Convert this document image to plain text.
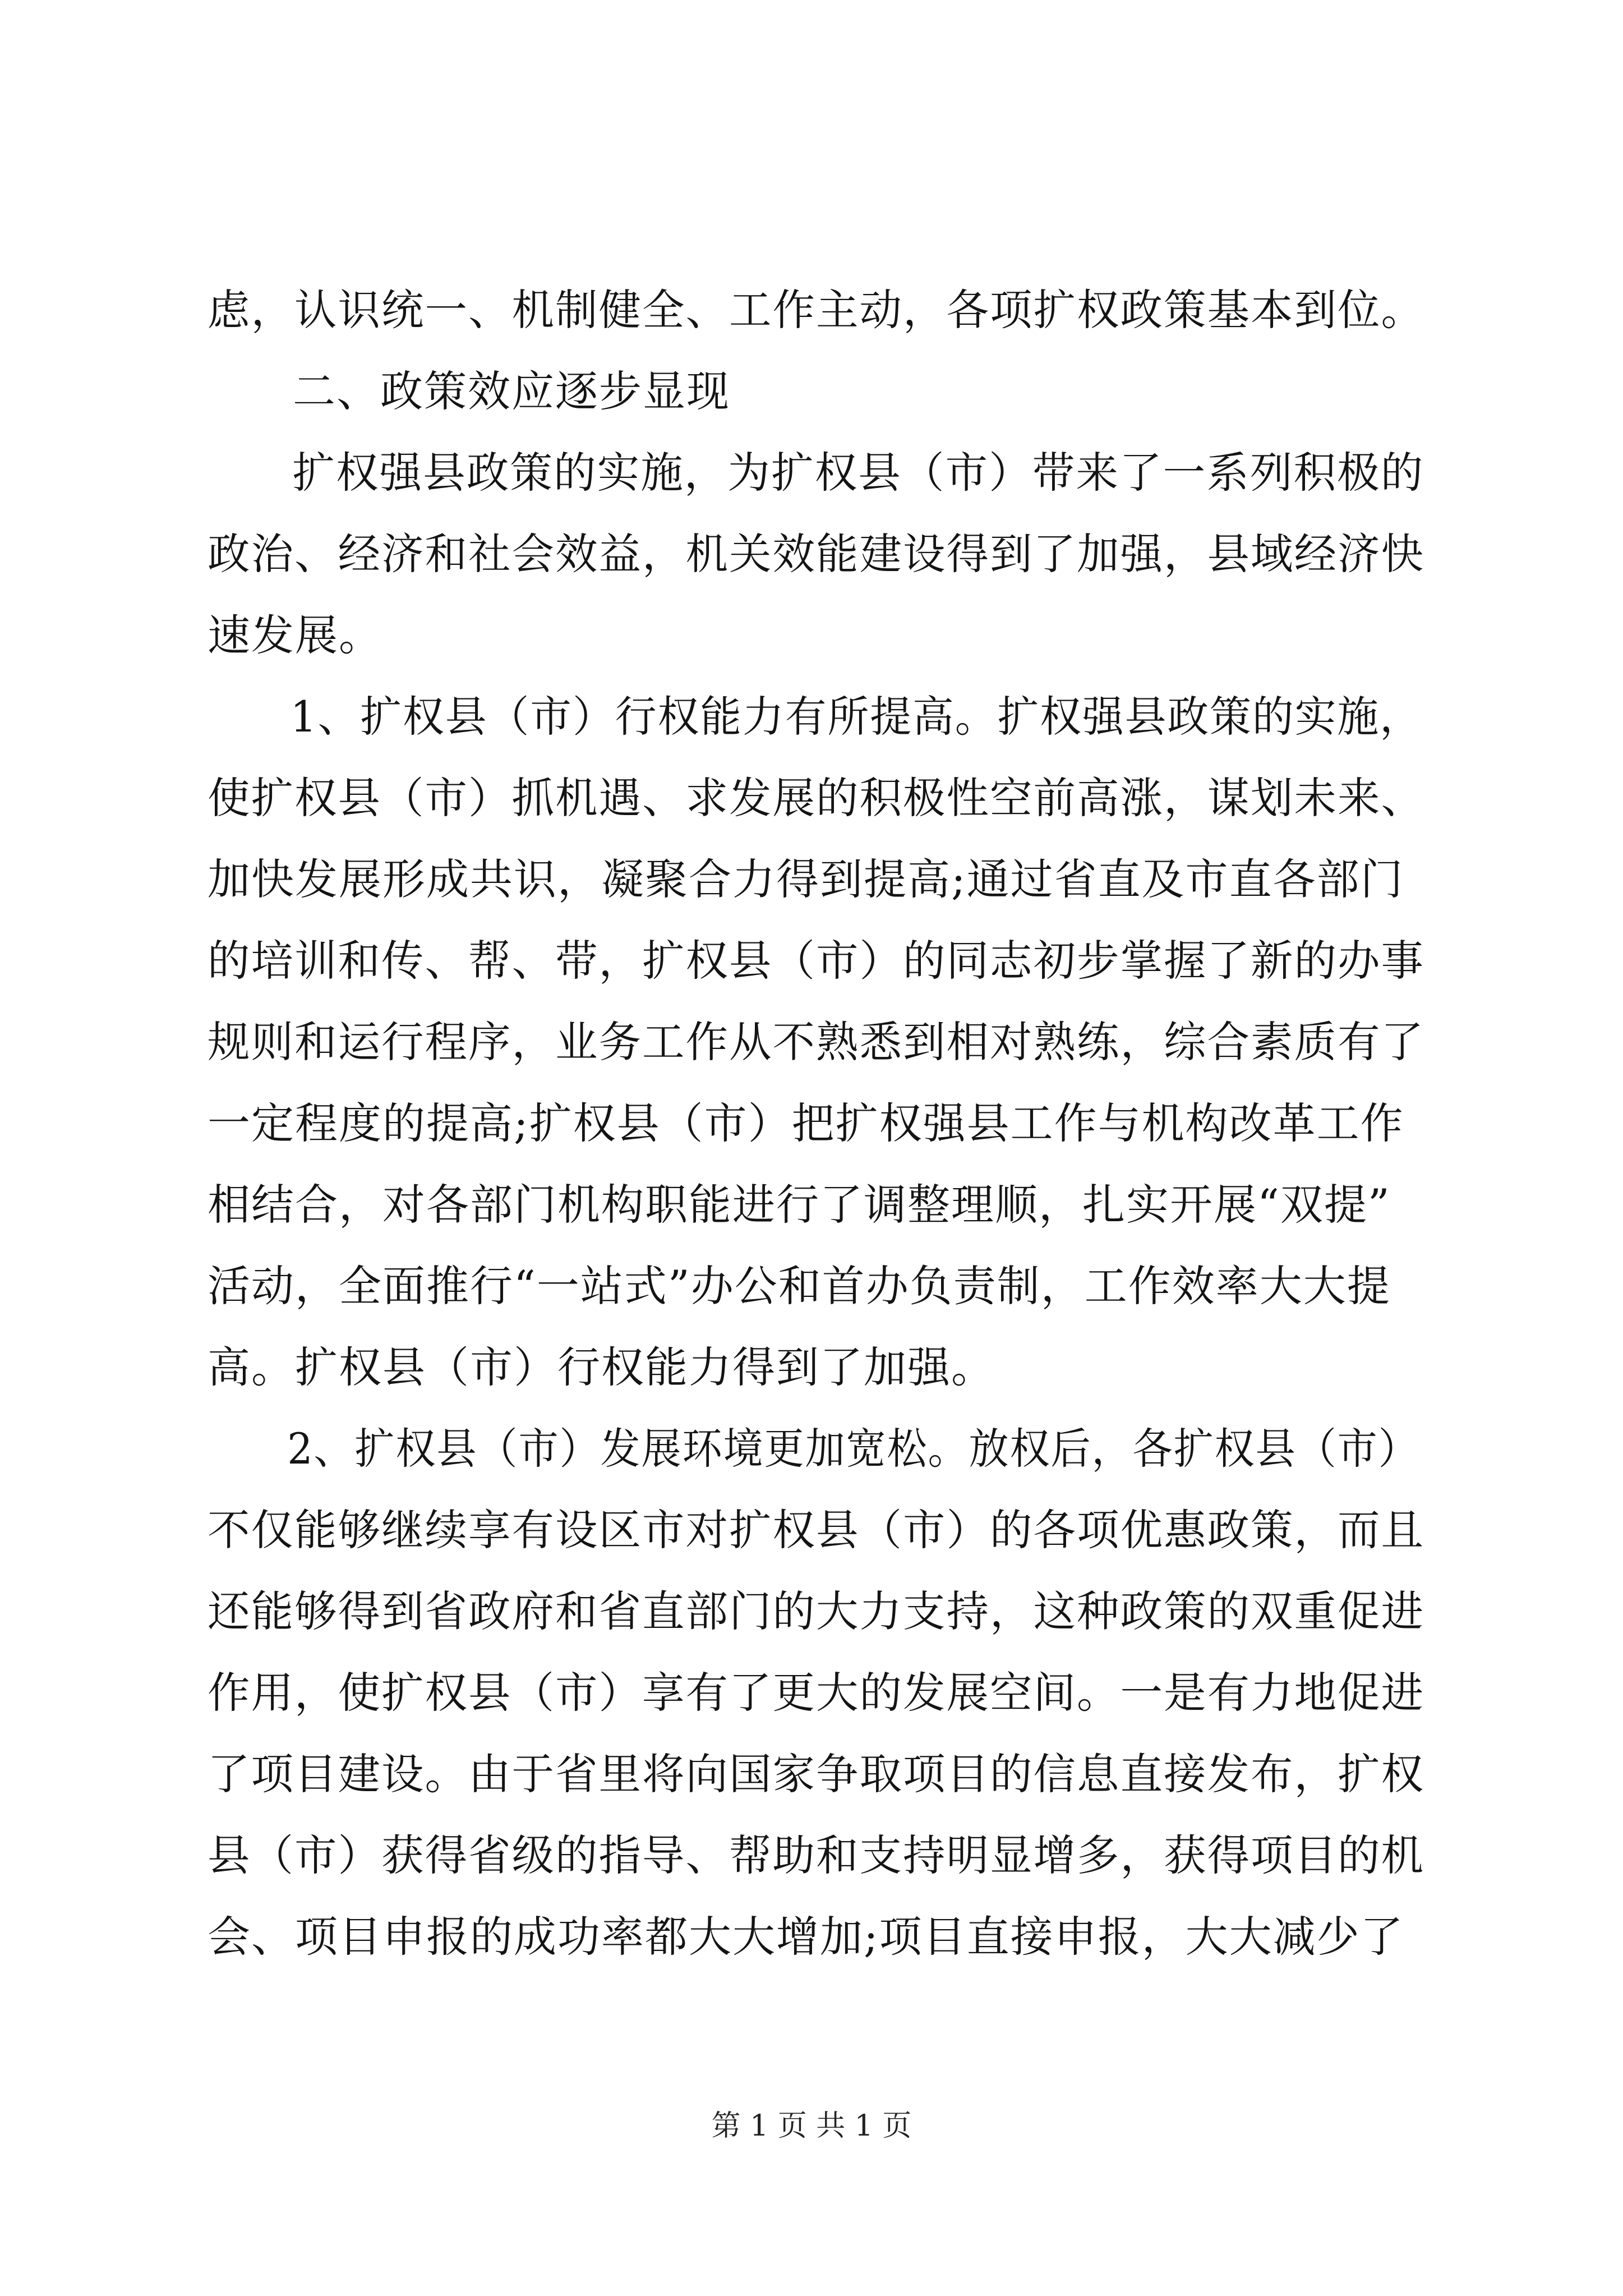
虑，认识统一、机制健全、工作主动，各项扩权政策基本到位。
二、政策效应逐步显现
扩权强县政策的实施，为扩权县（市）带来了一系列积极的
政治、经济和社会效益，机关效能建设得到了加强，县域经济快
速发展。
1、扩权县（市）行权能力有所提高。扩权强县政策的实施，
使扩权县（市）抓机遇、求发展的积极性空前高涨，谋划未来、
加快发展形成共识，凝聚合力得到提高;通过省直及市直各部门
的培训和传、帮、带，扩权县（市）的同志初步掌握了新的办事
规则和运行程序，业务工作从不熟悉到相对熟练，综合素质有了
一定程度的提高;扩权县（市）把扩权强县工作与机构改革工作
相结合，对各部门机构职能进行了调整理顺，扎实开展“双提”
活动，全面推行“一站式”办公和首办负责制，工作效率大大提
高。扩权县（市）行权能力得到了加强。
2、扩权县（市）发展环境更加宽松。放权后，各扩权县（市）
不仅能够继续享有设区市对扩权县（市）的各项优惠政策，而且
还能够得到省政府和省直部门的大力支持，这种政策的双重促进
作用，使扩权县（市）享有了更大的发展空间。一是有力地促进
了项目建设。由于省里将向国家争取项目的信息直接发布，扩权
县（市）获得省级的指导、帮助和支持明显增多，获得项目的机
会、项目申报的成功率都大大增加;项目直接申报，大大减少了
第 1 页 共 1 页
